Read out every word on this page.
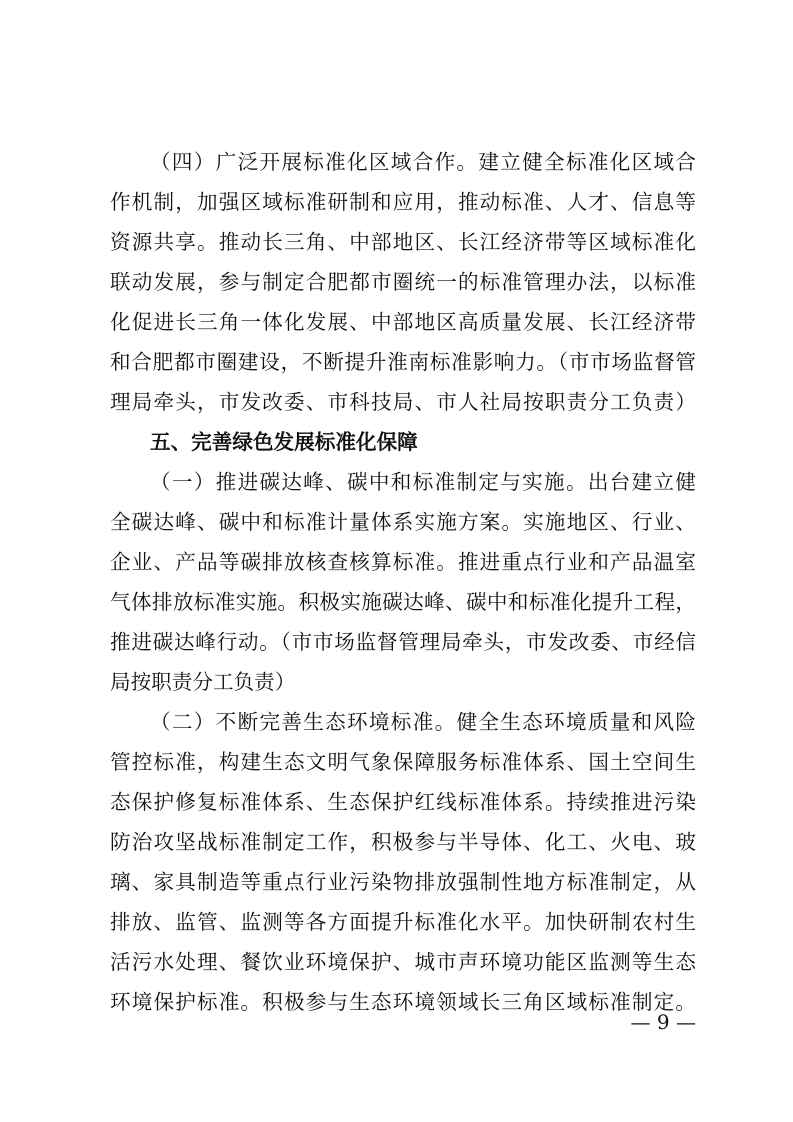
（四）广泛开展标准化区域合作。建立健全标准化区域合
作机制，加强区域标准研制和应用，推动标准、人才、信息等
资源共享。推动长三角、中部地区、长江经济带等区域标准化
联动发展，参与制定合肥都市圈统一的标准管理办法，以标准
化促进长三角一体化发展、中部地区高质量发展、长江经济带
和合肥都市圈建设，不断提升淮南标准影响力。（市市场监督管
理局牵头，市发改委、市科技局、市人社局按职责分工负责）
五、完善绿色发展标准化保障
（一）推进碳达峰、碳中和标准制定与实施。出台建立健
全碳达峰、碳中和标准计量体系实施方案。实施地区、行业、
企业、产品等碳排放核查核算标准。推进重点行业和产品温室
气体排放标准实施。积极实施碳达峰、碳中和标准化提升工程，
推进碳达峰行动。（市市场监督管理局牵头，市发改委、市经信
局按职责分工负责）
（二）不断完善生态环境标准。健全生态环境质量和风险
管控标准，构建生态文明气象保障服务标准体系、国土空间生
态保护修复标准体系、生态保护红线标准体系。持续推进污染
防治攻坚战标准制定工作，积极参与半导体、化工、火电、玻
璃、家具制造等重点行业污染物排放强制性地方标准制定，从
排放、监管、监测等各方面提升标准化水平。加快研制农村生
活污水处理、餐饮业环境保护、城市声环境功能区监测等生态
环境保护标准。积极参与生态环境领域长三角区域标准制定。
— 9 —
